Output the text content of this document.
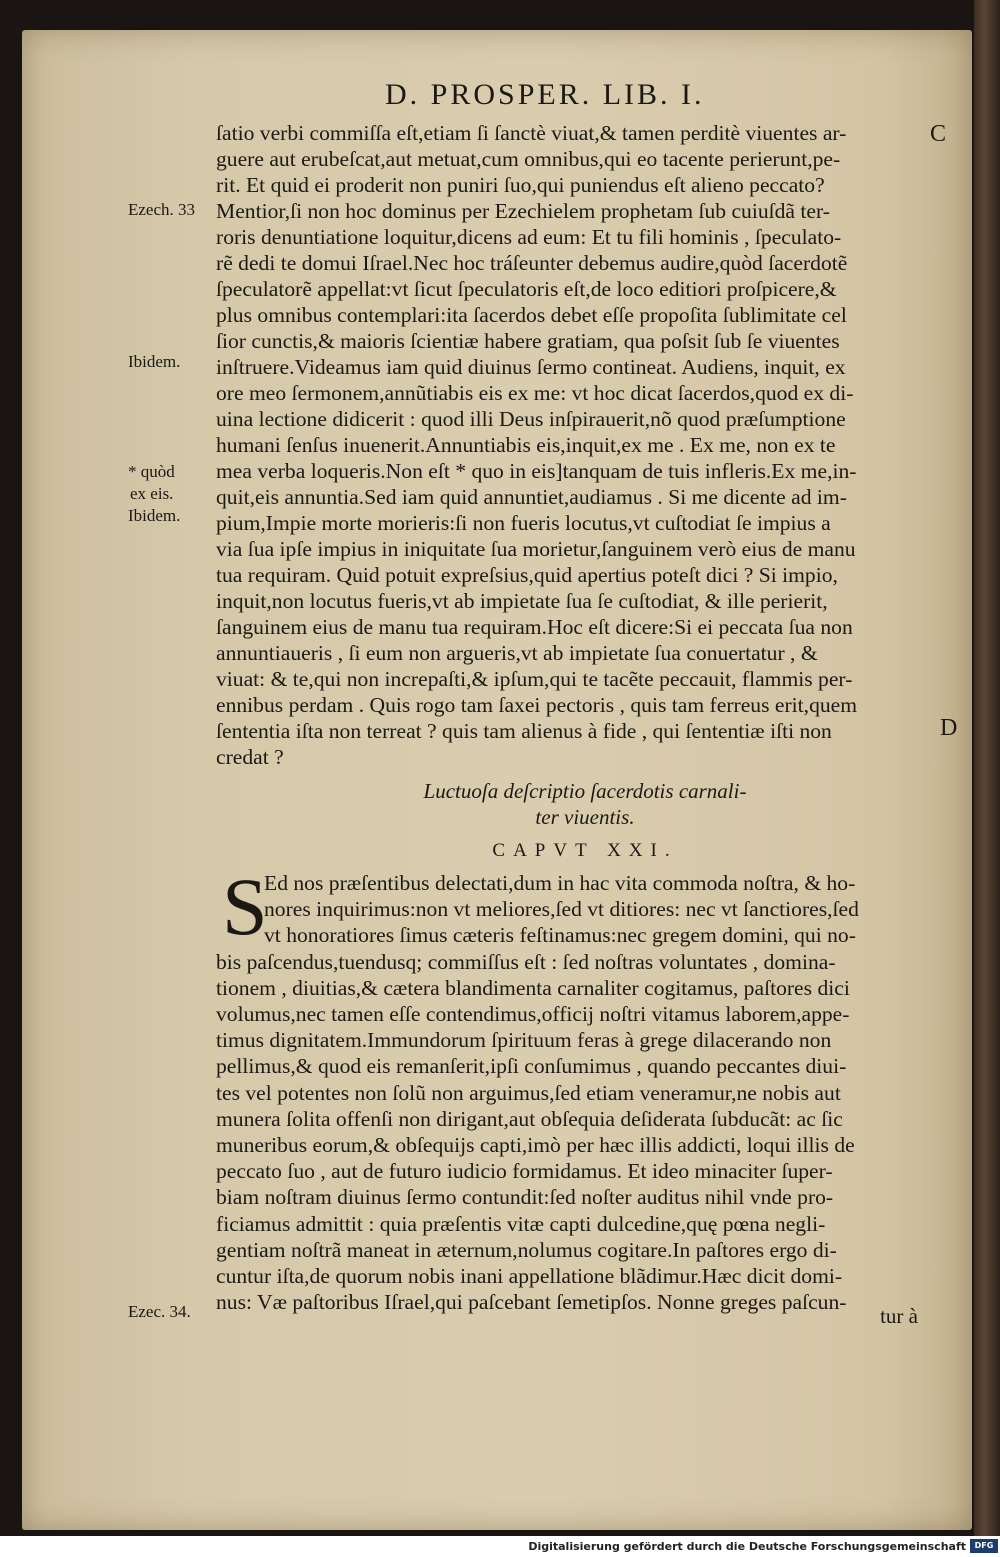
D. PROSPER. LIB. I.
C
D
Ezech. 33
Ibidem.
* quòd
ex eis.
Ibidem.
Ezec. 34.
ſatio verbi commiſſa eſt,etiam ſi ſanctè viuat,& tamen perditè viuentes ar-
guere aut erubeſcat,aut metuat,cum omnibus,qui eo tacente perierunt,pe-
rit. Et quid ei proderit non puniri ſuo,qui puniendus eſt alieno peccato?
Mentior,ſi non hoc dominus per Ezechielem prophetam ſub cuiuſdã ter-
roris denuntiatione loquitur,dicens ad eum: Et tu fili hominis , ſpeculato-
rẽ dedi te domui Iſrael.Nec hoc tráſeunter debemus audire,quòd ſacerdotẽ
ſpeculatorẽ appellat:vt ſicut ſpeculatoris eſt,de loco editiori proſpicere,&
plus omnibus contemplari:ita ſacerdos debet eſſe propoſita ſublimitate cel
ſior cunctis,& maioris ſcientiæ habere gratiam, qua poſsit ſub ſe viuentes
inſtruere.Videamus iam quid diuinus ſermo contineat. Audiens, inquit, ex
ore meo ſermonem,annũtiabis eis ex me: vt hoc dicat ſacerdos,quod ex di-
uina lectione didicerit : quod illi Deus inſpirauerit,nõ quod præſumptione
humani ſenſus inuenerit.Annuntiabis eis,inquit,ex me . Ex me, non ex te
mea verba loqueris.Non eſt * quo in eis]tanquam de tuis infleris.Ex me,in-
quit,eis annuntia.Sed iam quid annuntiet,audiamus . Si me dicente ad im-
pium,Impie morte morieris:ſi non fueris locutus,vt cuſtodiat ſe impius a
via ſua ipſe impius in iniquitate ſua morietur,ſanguinem verò eius de manu
tua requiram. Quid potuit expreſsius,quid apertius poteſt dici ? Si impio,
inquit,non locutus fueris,vt ab impietate ſua ſe cuſtodiat, & ille perierit,
ſanguinem eius de manu tua requiram.Hoc eſt dicere:Si ei peccata ſua non
annuntiaueris , ſi eum non argueris,vt ab impietate ſua conuertatur , &
viuat: & te,qui non increpaſti,& ipſum,qui te tacẽte peccauit, flammis per-
ennibus perdam . Quis rogo tam ſaxei pectoris , quis tam ferreus erit,quem
ſententia iſta non terreat ? quis tam alienus à fide , qui ſententiæ iſti non
credat ?
Luctuoſa deſcriptio ſacerdotis carnali-
ter viuentis.
CAPVT XXI.
S
Ed nos præſentibus delectati,dum in hac vita commoda noſtra, & ho-
nores inquirimus:non vt meliores,ſed vt ditiores: nec vt ſanctiores,ſed
vt honoratiores ſimus cæteris feſtinamus:nec gregem domini, qui no-
bis paſcendus,tuendusq; commiſſus eſt : ſed noſtras voluntates , domina-
tionem , diuitias,& cætera blandimenta carnaliter cogitamus, paſtores dici
volumus,nec tamen eſſe contendimus,officij noſtri vitamus laborem,appe-
timus dignitatem.Immundorum ſpirituum feras à grege dilacerando non
pellimus,& quod eis remanſerit,ipſi conſumimus , quando peccantes diui-
tes vel potentes non ſolũ non arguimus,ſed etiam veneramur,ne nobis aut
munera ſolita offenſi non dirigant,aut obſequia deſiderata ſubducãt: ac ſic
muneribus eorum,& obſequijs capti,imò per hæc illis addicti, loqui illis de
peccato ſuo , aut de futuro iudicio formidamus. Et ideo minaciter ſuper-
biam noſtram diuinus ſermo contundit:ſed noſter auditus nihil vnde pro-
ficiamus admittit : quia præſentis vitæ capti dulcedine,quę pœna negli-
gentiam noſtrã maneat in æternum,nolumus cogitare.In paſtores ergo di-
cuntur iſta,de quorum nobis inani appellatione blãdimur.Hæc dicit domi-
nus: Væ paſtoribus Iſrael,qui paſcebant ſemetipſos. Nonne greges paſcun-
tur à
Digitalisierung gefördert durch die Deutsche Forschungsgemeinschaft	DFG
